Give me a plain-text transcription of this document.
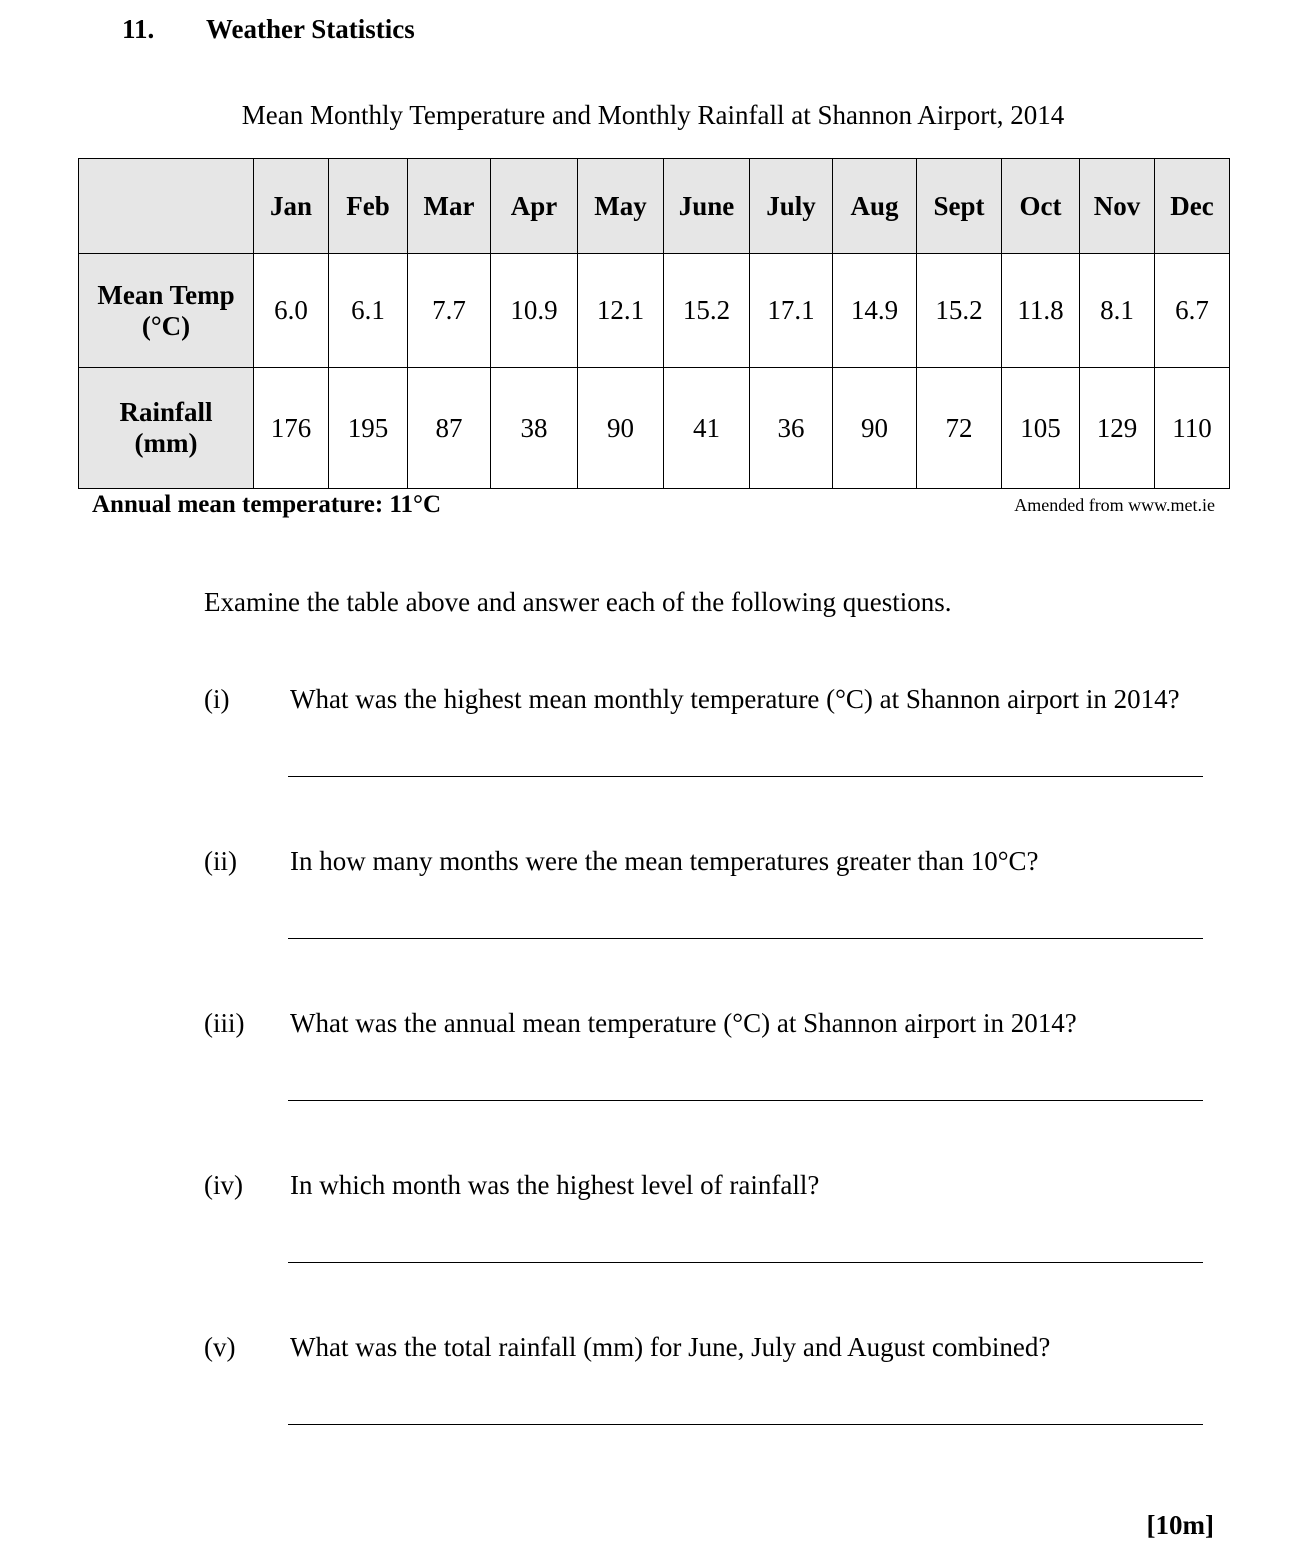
11. Weather Statistics
Mean Monthly Temperature and Monthly Rainfall at Shannon Airport, 2014
	Jan	Feb	Mar	Apr	May	June	July	Aug	Sept	Oct	Nov	Dec
Mean Temp
(°C)	6.0	6.1	7.7	10.9	12.1	15.2	17.1	14.9	15.2	11.8	8.1	6.7
Rainfall
(mm)	176	195	87	38	90	41	36	90	72	105	129	110
Annual mean temperature: 11°C	Amended from www.met.ie
Examine the table above and answer each of the following questions.
(i) What was the highest mean monthly temperature (°C) at Shannon airport in 2014?
(ii) In how many months were the mean temperatures greater than 10°C?
(iii) What was the annual mean temperature (°C) at Shannon airport in 2014?
(iv) In which month was the highest level of rainfall?
(v) What was the total rainfall (mm) for June, July and August combined?
[10m]
